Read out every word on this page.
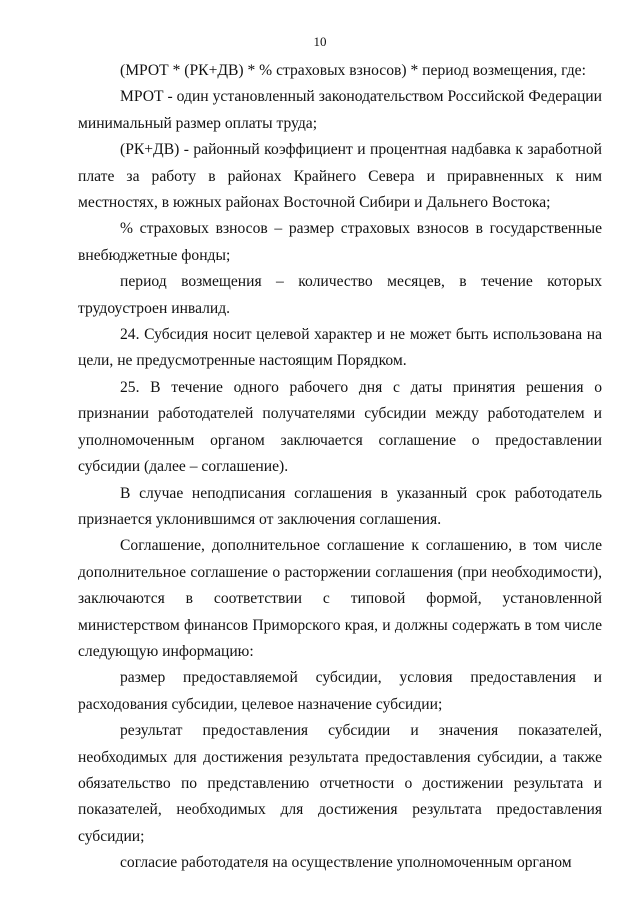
10

(МРОТ * (РК+ДВ) * % страховых взносов) * период возмещения, где:

МРОТ - один установленный законодательством Российской Федерации минимальный размер оплаты труда;

(РК+ДВ) - районный коэффициент и процентная надбавка к заработной плате за работу в районах Крайнего Севера и приравненных к ним местностях, в южных районах Восточной Сибири и Дальнего Востока;

% страховых взносов – размер страховых взносов в государственные внебюджетные фонды;

период возмещения – количество месяцев, в течение которых трудоустроен инвалид.

24. Субсидия носит целевой характер и не может быть использована на цели, не предусмотренные настоящим Порядком.

25. В течение одного рабочего дня с даты принятия решения о признании работодателей получателями субсидии между работодателем и уполномоченным органом заключается соглашение о предоставлении субсидии (далее – соглашение).

В случае неподписания соглашения в указанный срок работодатель признается уклонившимся от заключения соглашения.

Соглашение, дополнительное соглашение к соглашению, в том числе дополнительное соглашение о расторжении соглашения (при необходимости), заключаются в соответствии с типовой формой, установленной министерством финансов Приморского края, и должны содержать в том числе следующую информацию:

размер предоставляемой субсидии, условия предоставления и расходования субсидии, целевое назначение субсидии;

результат предоставления субсидии и значения показателей, необходимых для достижения результата предоставления субсидии, а также обязательство по представлению отчетности о достижении результата и показателей, необходимых для достижения результата предоставления субсидии;

согласие работодателя на осуществление уполномоченным органом
